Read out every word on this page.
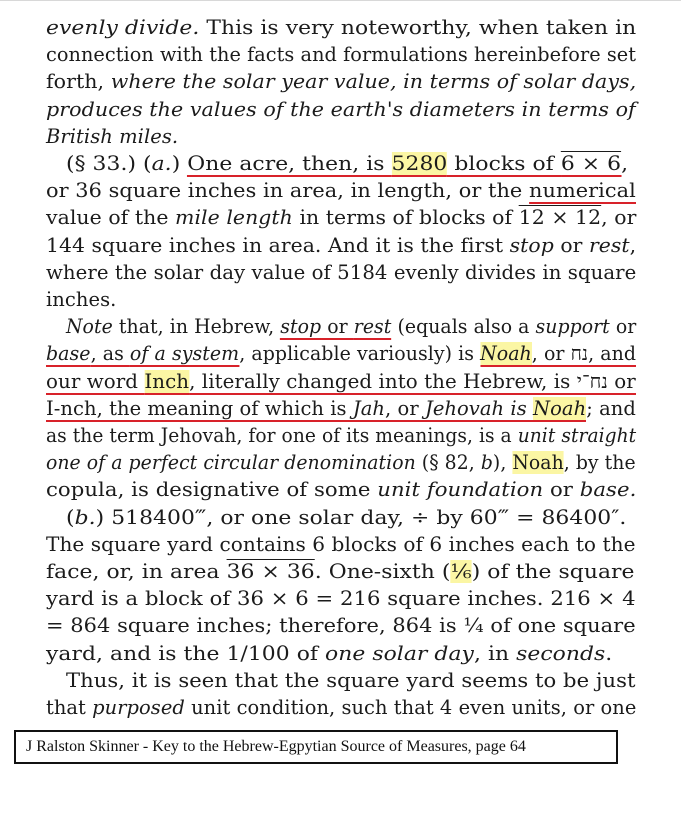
evenly divide. This is very noteworthy, when taken in
connection with the facts and formulations hereinbefore set
forth, where the solar year value, in terms of solar days,
produces the values of the earth's diameters in terms of
British miles.
(§ 33.) (a.) One acre, then, is 5280 blocks of 6 × 6,
or 36 square inches in area, in length, or the numerical
value of the mile length in terms of blocks of 12 × 12, or
144 square inches in area. And it is the first stop or rest,
where the solar day value of 5184 evenly divides in square
inches.
Note that, in Hebrew, stop or rest (equals also a support or
base, as of a system, applicable variously) is Noah, or נח, and
our word Inch, literally changed into the Hebrew, is נח־י or
I-nch, the meaning of which is Jah, or Jehovah is Noah; and
as the term Jehovah, for one of its meanings, is a unit straight
one of a perfect circular denomination (§ 82, b), Noah, by the
copula, is designative of some unit foundation or base.
(b.) 518400‴, or one solar day, ÷ by 60‴ = 86400″.
The square yard contains 6 blocks of 6 inches each to the
face, or, in area 36 × 36. One-sixth (⅙) of the square
yard is a block of 36 × 6 = 216 square inches. 216 × 4
= 864 square inches; therefore, 864 is ¼ of one square
yard, and is the 1/100 of one solar day, in seconds.
Thus, it is seen that the square yard seems to be just
that purposed unit condition, such that 4 even units, or one
J Ralston Skinner - Key to the Hebrew-Egpytian Source of Measures, page 64
